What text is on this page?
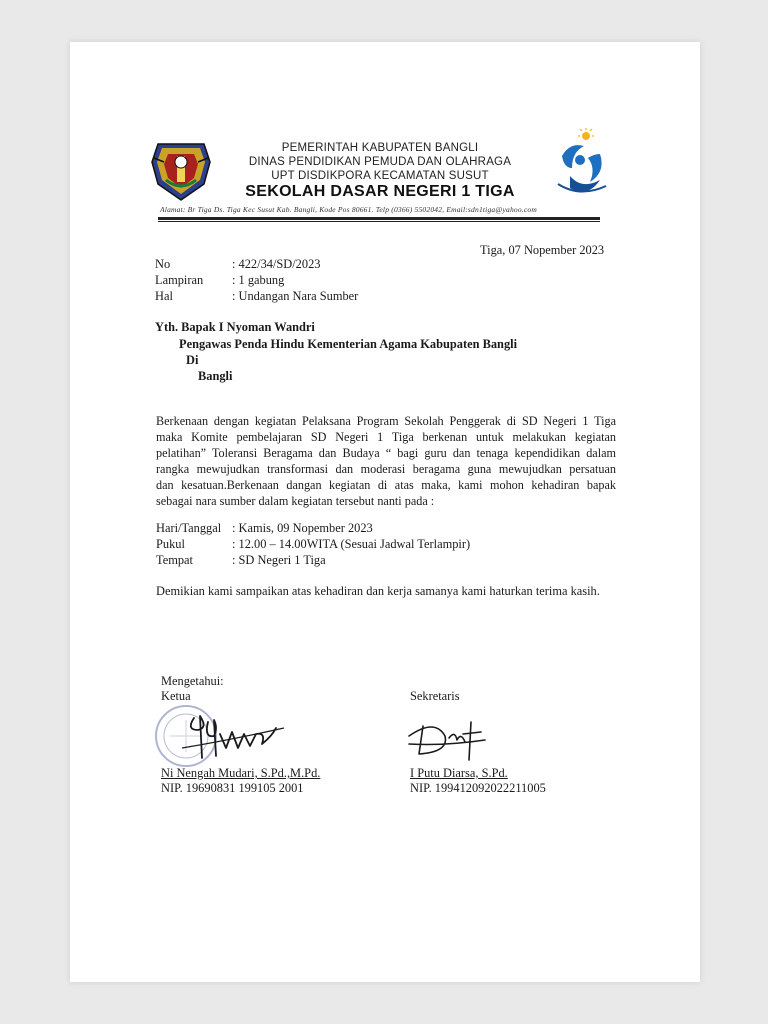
PEMERINTAH KABUPATEN BANGLI
DINAS PENDIDIKAN PEMUDA DAN OLAHRAGA
UPT DISDIKPORA KECAMATAN SUSUT
SEKOLAH DASAR NEGERI 1 TIGA
Alamat: Br Tiga Ds. Tiga Kec Susut Kab. Bangli, Kode Pos 80661. Telp (0366) 5502042, Email:sdn1tiga@yahoo.com
Tiga, 07 Nopember 2023
No	: 422/34/SD/2023
Lampiran : 1 gabung
Hal	: Undangan Nara Sumber
Yth. Bapak I Nyoman Wandri
Pengawas Penda Hindu Kementerian Agama Kabupaten Bangli
Di
Bangli
Berkenaan dengan kegiatan Pelaksana Program Sekolah Penggerak di SD Negeri 1 Tiga
maka Komite pembelajaran SD Negeri 1 Tiga berkenan untuk melakukan kegiatan
pelatihan” Toleransi Beragama dan Budaya “ bagi guru dan tenaga kependidikan dalam
rangka mewujudkan transformasi dan moderasi beragama guna mewujudkan persatuan
dan kesatuan.Berkenaan dangan kegiatan di atas maka, kami mohon kehadiran bapak
sebagai nara sumber dalam kegiatan tersebut nanti pada :
Hari/Tanggal : Kamis, 09 Nopember 2023
Pukul	: 12.00 – 14.00WITA (Sesuai Jadwal Terlampir)
Tempat	: SD Negeri 1 Tiga
Demikian kami sampaikan atas kehadiran dan kerja samanya kami haturkan terima kasih.
Mengetahui:
Ketua
Ni Nengah Mudari, S.Pd.,M.Pd.
NIP. 19690831 199105 2001
Sekretaris
I Putu Diarsa, S.Pd.
NIP. 199412092022211005
